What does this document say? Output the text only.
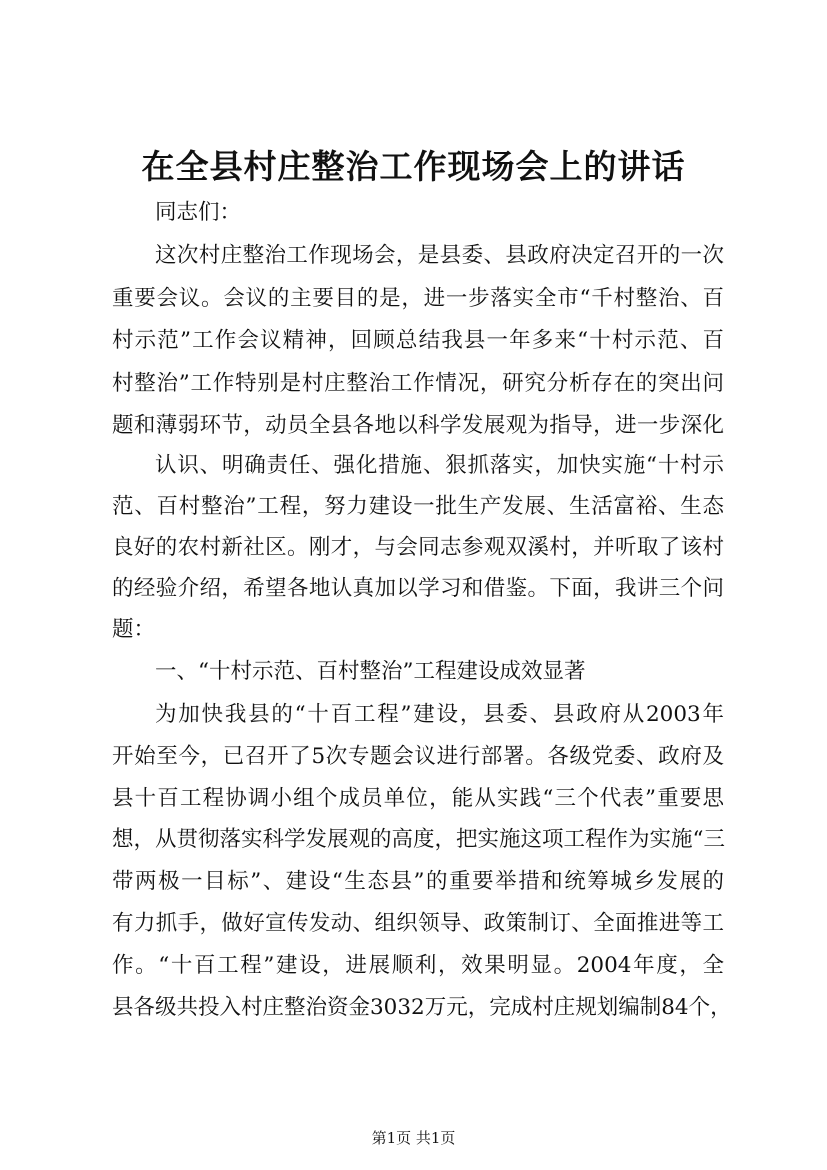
在全县村庄整治工作现场会上的讲话
同志们：
这次村庄整治工作现场会，是县委、县政府决定召开的一次
重要会议。会议的主要目的是，进一步落实全市“千村整治、百
村示范”工作会议精神，回顾总结我县一年多来“十村示范、百
村整治”工作特别是村庄整治工作情况，研究分析存在的突出问
题和薄弱环节，动员全县各地以科学发展观为指导，进一步深化
认识、明确责任、强化措施、狠抓落实，加快实施“十村示
范、百村整治”工程，努力建设一批生产发展、生活富裕、生态
良好的农村新社区。刚才，与会同志参观双溪村，并听取了该村
的经验介绍，希望各地认真加以学习和借鉴。下面，我讲三个问
题：
一、“十村示范、百村整治”工程建设成效显著
为加快我县的“十百工程”建设，县委、县政府从2003年
开始至今，已召开了5次专题会议进行部署。各级党委、政府及
县十百工程协调小组个成员单位，能从实践“三个代表”重要思
想，从贯彻落实科学发展观的高度，把实施这项工程作为实施“三
带两极一目标”、建设“生态县”的重要举措和统筹城乡发展的
有力抓手，做好宣传发动、组织领导、政策制订、全面推进等工
作。“十百工程”建设，进展顺利，效果明显。2004年度，全
县各级共投入村庄整治资金3032万元，完成村庄规划编制84个，
第1页 共1页
